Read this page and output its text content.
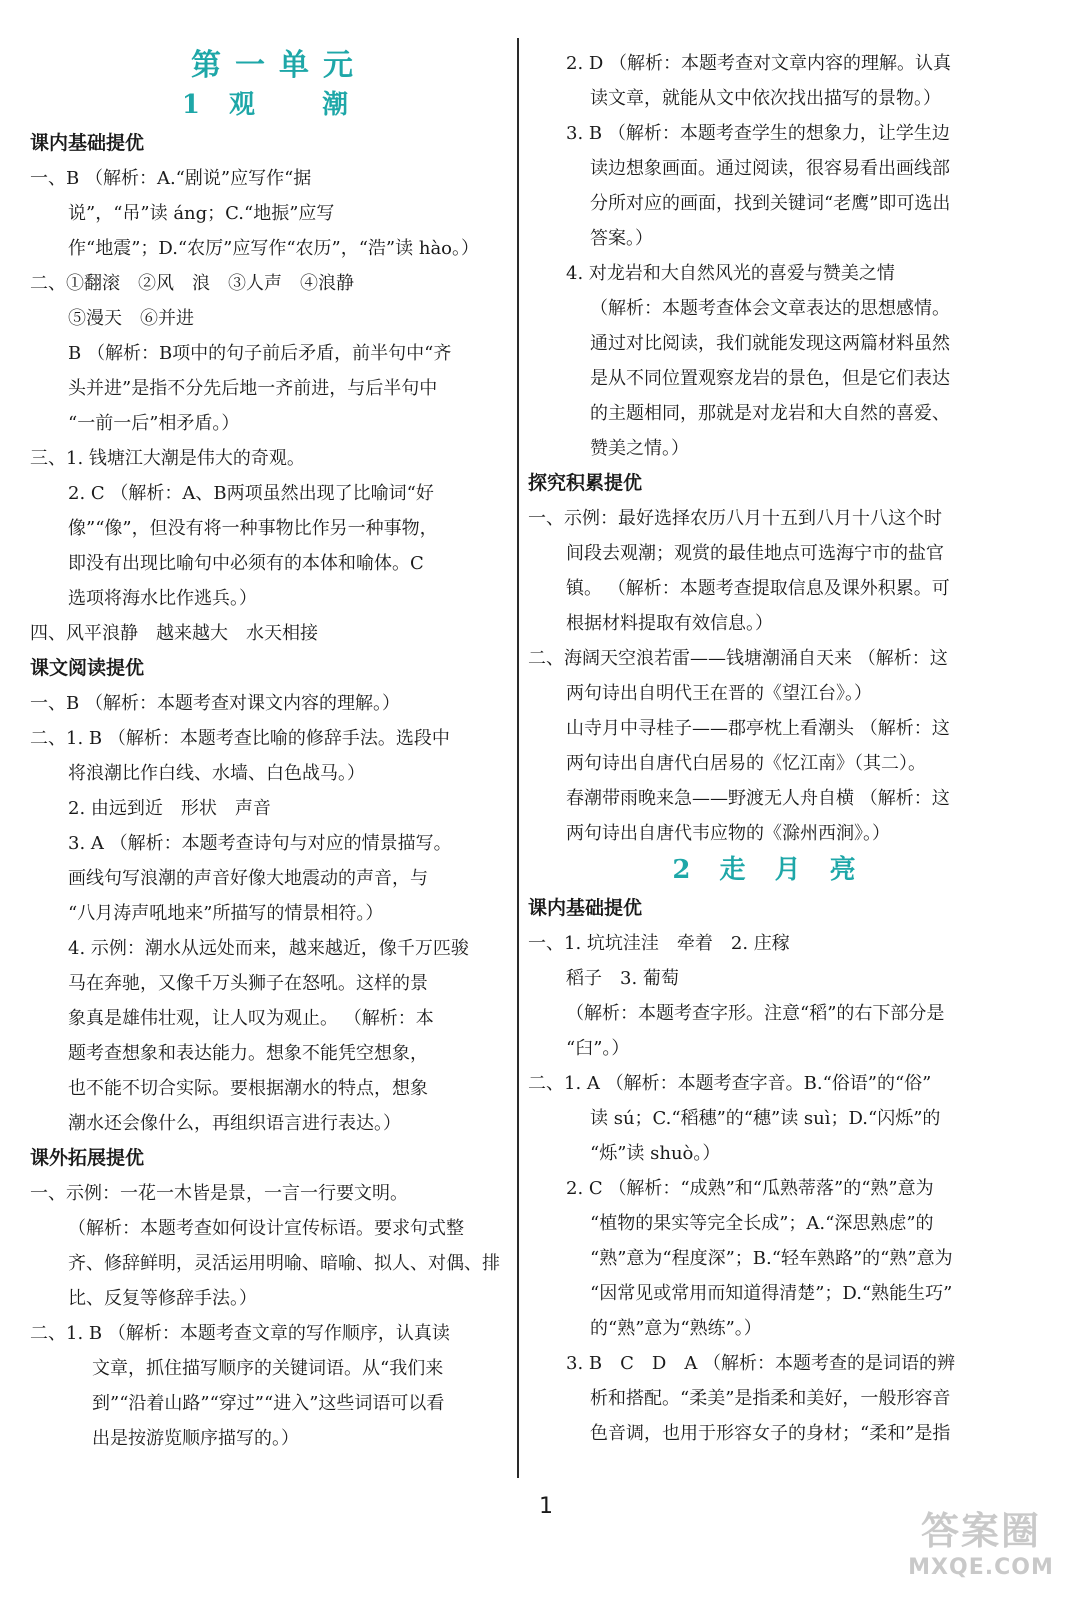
第一单元
1 观   潮
课内基础提优
一、B （解析：A.“剧说”应写作“据
说”，“吊”读 áng；C.“地振”应写
作“地震”；D.“农厉”应写作“农历”，“浩”读 hào。）
二、①翻滚　②风　浪　③人声　④浪静
⑤漫天　⑥并进
B （解析：B项中的句子前后矛盾，前半句中“齐
头并进”是指不分先后地一齐前进，与后半句中
“一前一后”相矛盾。）
三、1. 钱塘江大潮是伟大的奇观。
2. C （解析：A、B两项虽然出现了比喻词“好
像”“像”，但没有将一种事物比作另一种事物，
即没有出现比喻句中必须有的本体和喻体。C
选项将海水比作逃兵。）
四、风平浪静　越来越大　水天相接
课文阅读提优
一、B （解析：本题考查对课文内容的理解。）
二、1. B （解析：本题考查比喻的修辞手法。选段中
将浪潮比作白线、水墙、白色战马。）
2. 由远到近　形状　声音
3. A （解析：本题考查诗句与对应的情景描写。
画线句写浪潮的声音好像大地震动的声音，与
“八月涛声吼地来”所描写的情景相符。）
4. 示例：潮水从远处而来，越来越近，像千万匹骏
马在奔驰，又像千万头狮子在怒吼。这样的景
象真是雄伟壮观，让人叹为观止。 （解析：本
题考查想象和表达能力。想象不能凭空想象，
也不能不切合实际。要根据潮水的特点，想象
潮水还会像什么，再组织语言进行表达。）
课外拓展提优
一、示例：一花一木皆是景，一言一行要文明。
（解析：本题考查如何设计宣传标语。要求句式整
齐、修辞鲜明，灵活运用明喻、暗喻、拟人、对偶、排
比、反复等修辞手法。）
二、1. B （解析：本题考查文章的写作顺序，认真读
文章，抓住描写顺序的关键词语。从“我们来
到”“沿着山路”“穿过”“进入”这些词语可以看
出是按游览顺序描写的。）
2. D （解析：本题考查对文章内容的理解。认真
读文章，就能从文中依次找出描写的景物。）
3. B （解析：本题考查学生的想象力，让学生边
读边想象画面。通过阅读，很容易看出画线部
分所对应的画面，找到关键词“老鹰”即可选出
答案。）
4. 对龙岩和大自然风光的喜爱与赞美之情
（解析：本题考查体会文章表达的思想感情。
通过对比阅读，我们就能发现这两篇材料虽然
是从不同位置观察龙岩的景色，但是它们表达
的主题相同，那就是对龙岩和大自然的喜爱、
赞美之情。）
探究积累提优
一、示例：最好选择农历八月十五到八月十八这个时
间段去观潮；观赏的最佳地点可选海宁市的盐官
镇。 （解析：本题考查提取信息及课外积累。可
根据材料提取有效信息。）
二、海阔天空浪若雷——钱塘潮涌自天来 （解析：这
两句诗出自明代王在晋的《望江台》。）
山寺月中寻桂子——郡亭枕上看潮头 （解析：这
两句诗出自唐代白居易的《忆江南》（其二）。
春潮带雨晚来急——野渡无人舟自横 （解析：这
两句诗出自唐代韦应物的《滁州西涧》。）
2 走 月 亮
课内基础提优
一、1. 坑坑洼洼　牵着　2. 庄稼
稻子　3. 葡萄
（解析：本题考查字形。注意“稻”的右下部分是
“臼”。）
二、1. A （解析：本题考查字音。B.“俗语”的“俗”
读 sú；C.“稻穗”的“穗”读 suì；D.“闪烁”的
“烁”读 shuò。）
2. C （解析：“成熟”和“瓜熟蒂落”的“熟”意为
“植物的果实等完全长成”；A.“深思熟虑”的
“熟”意为“程度深”；B.“轻车熟路”的“熟”意为
“因常见或常用而知道得清楚”；D.“熟能生巧”
的“熟”意为“熟练”。）
3. B　C　D　A （解析：本题考查的是词语的辨
析和搭配。“柔美”是指柔和美好，一般形容音
色音调，也用于形容女子的身材；“柔和”是指
1
答案圈
MXQE.COM
